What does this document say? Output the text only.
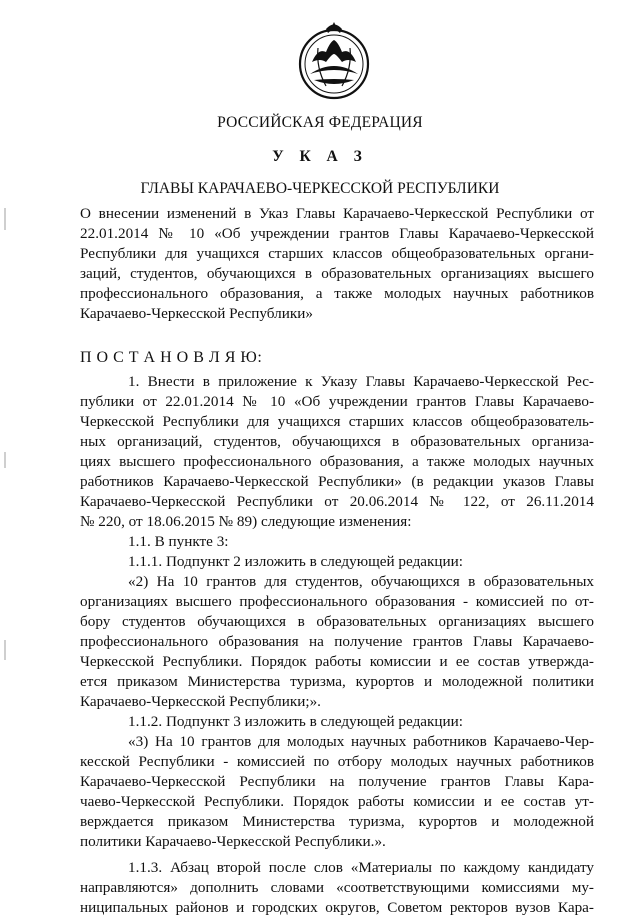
РОССИЙСКАЯ ФЕДЕРАЦИЯ
У К А З
ГЛАВЫ КАРАЧАЕВО-ЧЕРКЕССКОЙ РЕСПУБЛИКИ
О внесении изменений в Указ Главы Карачаево-Черкесской Республики от
22.01.2014 № 10 «Об учреждении грантов Главы Карачаево-Черкесской
Республики для учащихся старших классов общеобразовательных органи-
заций, студентов, обучающихся в образовательных организациях высшего
профессионального образования, а также молодых научных работников
Карачаево-Черкесской Республики»
П О С Т А Н О В Л Я Ю:
1. Внести в приложение к Указу Главы Карачаево-Черкесской Рес-
публики от 22.01.2014 № 10 «Об учреждении грантов Главы Карачаево-
Черкесской Республики для учащихся старших классов общеобразователь-
ных организаций, студентов, обучающихся в образовательных организа-
циях высшего профессионального образования, а также молодых научных
работников Карачаево-Черкесской Республики» (в редакции указов Главы
Карачаево-Черкесской Республики от 20.06.2014 № 122, от 26.11.2014
№ 220, от 18.06.2015 № 89) следующие изменения:
1.1. В пункте 3:
1.1.1. Подпункт 2 изложить в следующей редакции:
«2) На 10 грантов для студентов, обучающихся в образовательных
организациях высшего профессионального образования - комиссией по от-
бору студентов обучающихся в образовательных организациях высшего
профессионального образования на получение грантов Главы Карачаево-
Черкесской Республики. Порядок работы комиссии и ее состав утвержда-
ется приказом Министерства туризма, курортов и молодежной политики
Карачаево-Черкесской Республики;».
1.1.2. Подпункт 3 изложить в следующей редакции:
«3) На 10 грантов для молодых научных работников Карачаево-Чер-
кесской Республики - комиссией по отбору молодых научных работников
Карачаево-Черкесской Республики на получение грантов Главы Кара-
чаево-Черкесской Республики. Порядок работы комиссии и ее состав ут-
верждается приказом Министерства туризма, курортов и молодежной
политики Карачаево-Черкесской Республики.».
1.1.3. Абзац второй после слов «Материалы по каждому кандидату
направляются» дополнить словами «соответствующими комиссиями му-
ниципальных районов и городских округов, Советом ректоров вузов Кара-
